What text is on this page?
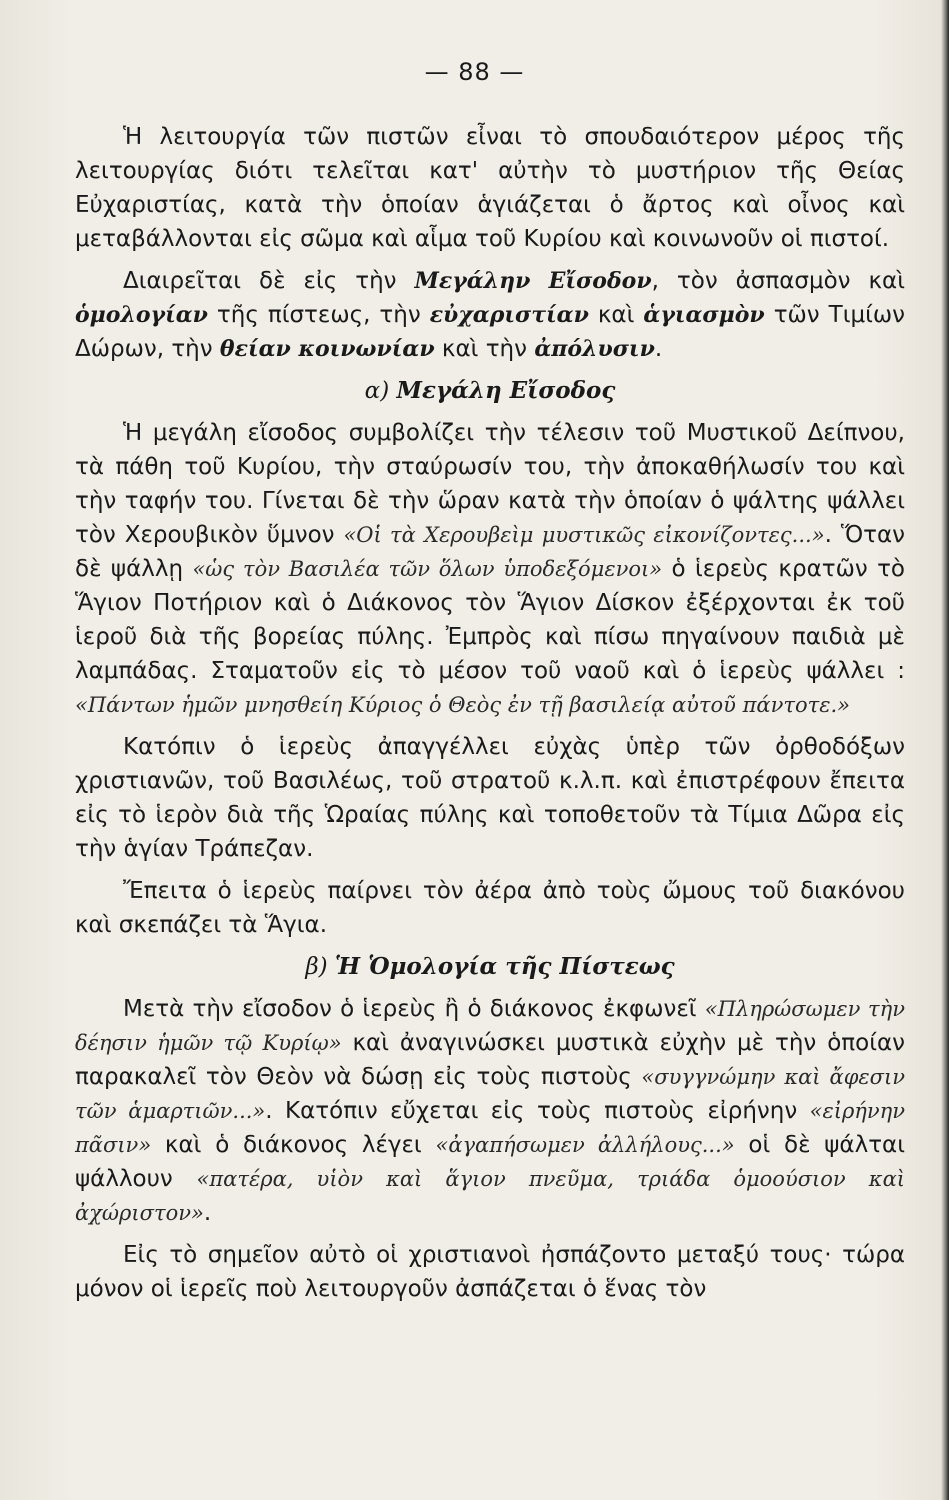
— 88 —

Ἡ λειτουργία τῶν πιστῶν εἶναι τὸ σπουδαιότερον μέρος τῆς λειτουργίας διότι τελεῖται κατ' αὐτὴν τὸ μυστήριον τῆς Θείας Εὐχαριστίας, κατὰ τὴν ὁποίαν ἁγιάζεται ὁ ἄρτος καὶ οἶνος καὶ μεταβάλλονται εἰς σῶμα καὶ αἷμα τοῦ Κυρίου καὶ κοινωνοῦν οἱ πιστοί.

Διαιρεῖται δὲ εἰς τὴν Μεγάλην Εἴσοδον, τὸν ἀσπασμὸν καὶ ὁμολογίαν τῆς πίστεως, τὴν εὐχαριστίαν καὶ ἁγιασμὸν τῶν Τιμίων Δώρων, τὴν θείαν κοινωνίαν καὶ τὴν ἀπόλυσιν.

α) Μεγάλη Εἴσοδος

Ἡ μεγάλη εἴσοδος συμβολίζει τὴν τέλεσιν τοῦ Μυστικοῦ Δείπνου, τὰ πάθη τοῦ Κυρίου, τὴν σταύρωσίν του, τὴν ἀποκαθήλωσίν του καὶ τὴν ταφήν του. Γίνεται δὲ τὴν ὥραν κατὰ τὴν ὁποίαν ὁ ψάλτης ψάλλει τὸν Χερουβικὸν ὕμνον «Οἱ τὰ Χερουβεὶμ μυστικῶς εἰκονίζοντες...». Ὅταν δὲ ψάλλῃ «ὡς τὸν Βασιλέα τῶν ὅλων ὑποδεξόμενοι» ὁ ἱερεὺς κρατῶν τὸ Ἅγιον Ποτήριον καὶ ὁ Διάκονος τὸν Ἅγιον Δίσκον ἐξέρχονται ἐκ τοῦ ἱεροῦ διὰ τῆς βορείας πύλης. Ἐμπρὸς καὶ πίσω πηγαίνουν παιδιὰ μὲ λαμπάδας. Σταματοῦν εἰς τὸ μέσον τοῦ ναοῦ καὶ ὁ ἱερεὺς ψάλλει : «Πάντων ἡμῶν μνησθείη Κύριος ὁ Θεὸς ἐν τῇ βασιλείᾳ αὐτοῦ πάντοτε.»

Κατόπιν ὁ ἱερεὺς ἀπαγγέλλει εὐχὰς ὑπὲρ τῶν ὀρθοδόξων χριστιανῶν, τοῦ Βασιλέως, τοῦ στρατοῦ κ.λ.π. καὶ ἐπιστρέφουν ἔπειτα εἰς τὸ ἱερὸν διὰ τῆς Ὡραίας πύλης καὶ τοποθετοῦν τὰ Τίμια Δῶρα εἰς τὴν ἁγίαν Τράπεζαν.

Ἔπειτα ὁ ἱερεὺς παίρνει τὸν ἀέρα ἀπὸ τοὺς ὤμους τοῦ διακόνου καὶ σκεπάζει τὰ Ἅγια.

β) Ἡ Ὁμολογία τῆς Πίστεως

Μετὰ τὴν εἴσοδον ὁ ἱερεὺς ἢ ὁ διάκονος ἐκφωνεῖ «Πληρώσωμεν τὴν δέησιν ἡμῶν τῷ Κυρίῳ» καὶ ἀναγινώσκει μυστικὰ εὐχὴν μὲ τὴν ὁποίαν παρακαλεῖ τὸν Θεὸν νὰ δώσῃ εἰς τοὺς πιστοὺς «συγγνώμην καὶ ἄφεσιν τῶν ἁμαρτιῶν...». Κατόπιν εὔχεται εἰς τοὺς πιστοὺς εἰρήνην «εἰρήνην πᾶσιν» καὶ ὁ διάκονος λέγει «ἀγαπήσωμεν ἀλλήλους...» οἱ δὲ ψάλται ψάλλουν «πατέρα, υἱὸν καὶ ἅγιον πνεῦμα, τριάδα ὁμοούσιον καὶ ἀχώριστον».

Εἰς τὸ σημεῖον αὐτὸ οἱ χριστιανοὶ ἠσπάζοντο μεταξύ τους· τώρα μόνον οἱ ἱερεῖς ποὺ λειτουργοῦν ἀσπάζεται ὁ ἕνας τὸν
